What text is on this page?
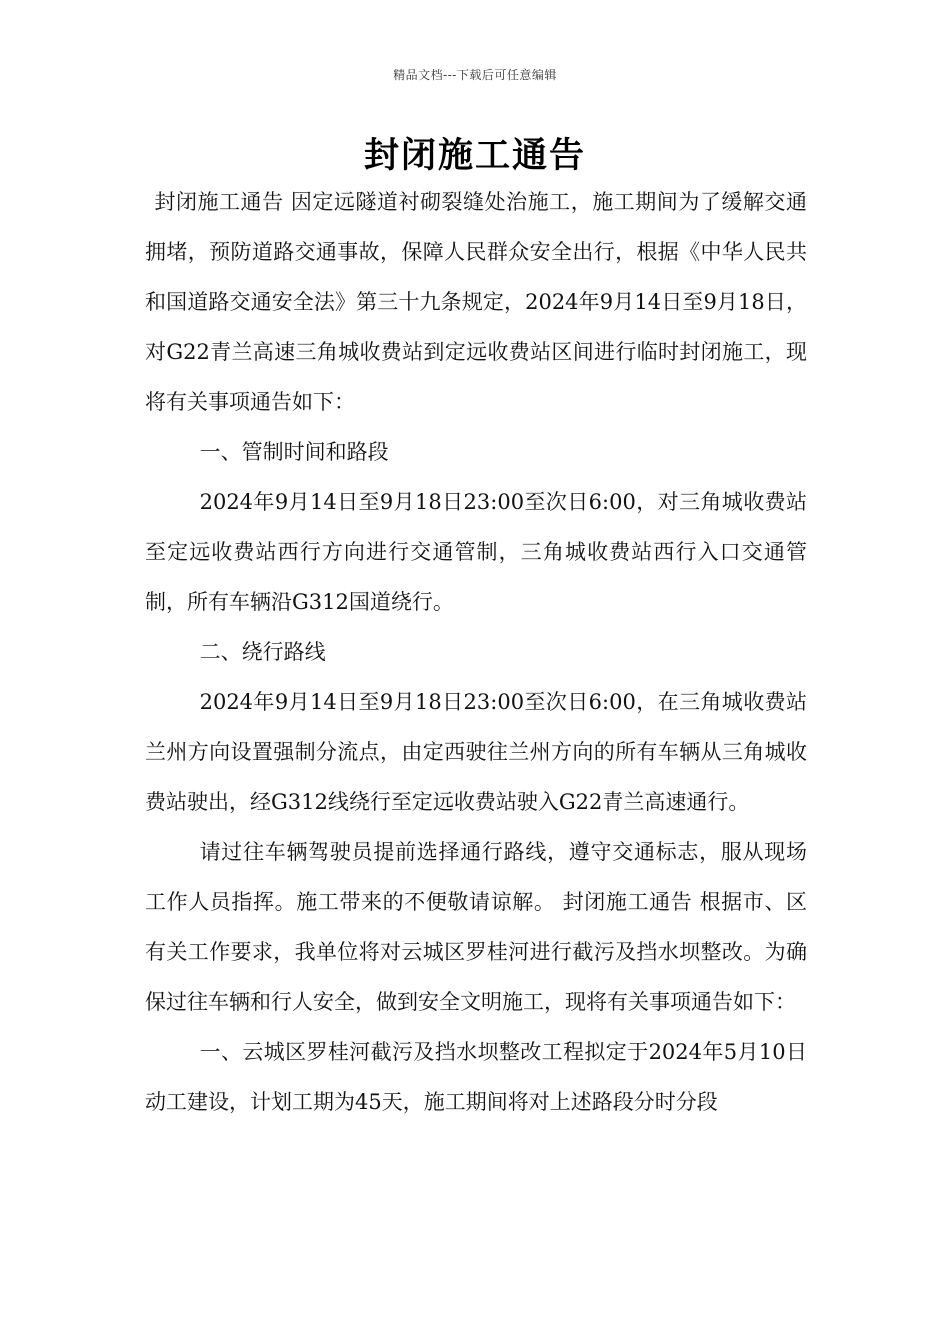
精品文档---下载后可任意编辑
封闭施工通告

封闭施工通告 因定远隧道衬砌裂缝处治施工，施工期间为了缓解交通拥堵，预防道路交通事故，保障人民群众安全出行，根据《中华人民共和国道路交通安全法》第三十九条规定，2024年9月14日至9月18日，对G22青兰高速三角城收费站到定远收费站区间进行临时封闭施工，现将有关事项通告如下：

一、管制时间和路段

2024年9月14日至9月18日23:00至次日6:00，对三角城收费站至定远收费站西行方向进行交通管制，三角城收费站西行入口交通管制，所有车辆沿G312国道绕行。

二、绕行路线

2024年9月14日至9月18日23:00至次日6:00，在三角城收费站兰州方向设置强制分流点，由定西驶往兰州方向的所有车辆从三角城收费站驶出，经G312线绕行至定远收费站驶入G22青兰高速通行。

请过往车辆驾驶员提前选择通行路线，遵守交通标志，服从现场工作人员指挥。施工带来的不便敬请谅解。 封闭施工通告 根据市、区有关工作要求，我单位将对云城区罗桂河进行截污及挡水坝整改。为确保过往车辆和行人安全，做到安全文明施工，现将有关事项通告如下：

一、云城区罗桂河截污及挡水坝整改工程拟定于2024年5月10日动工建设，计划工期为45天，施工期间将对上述路段分时分段
